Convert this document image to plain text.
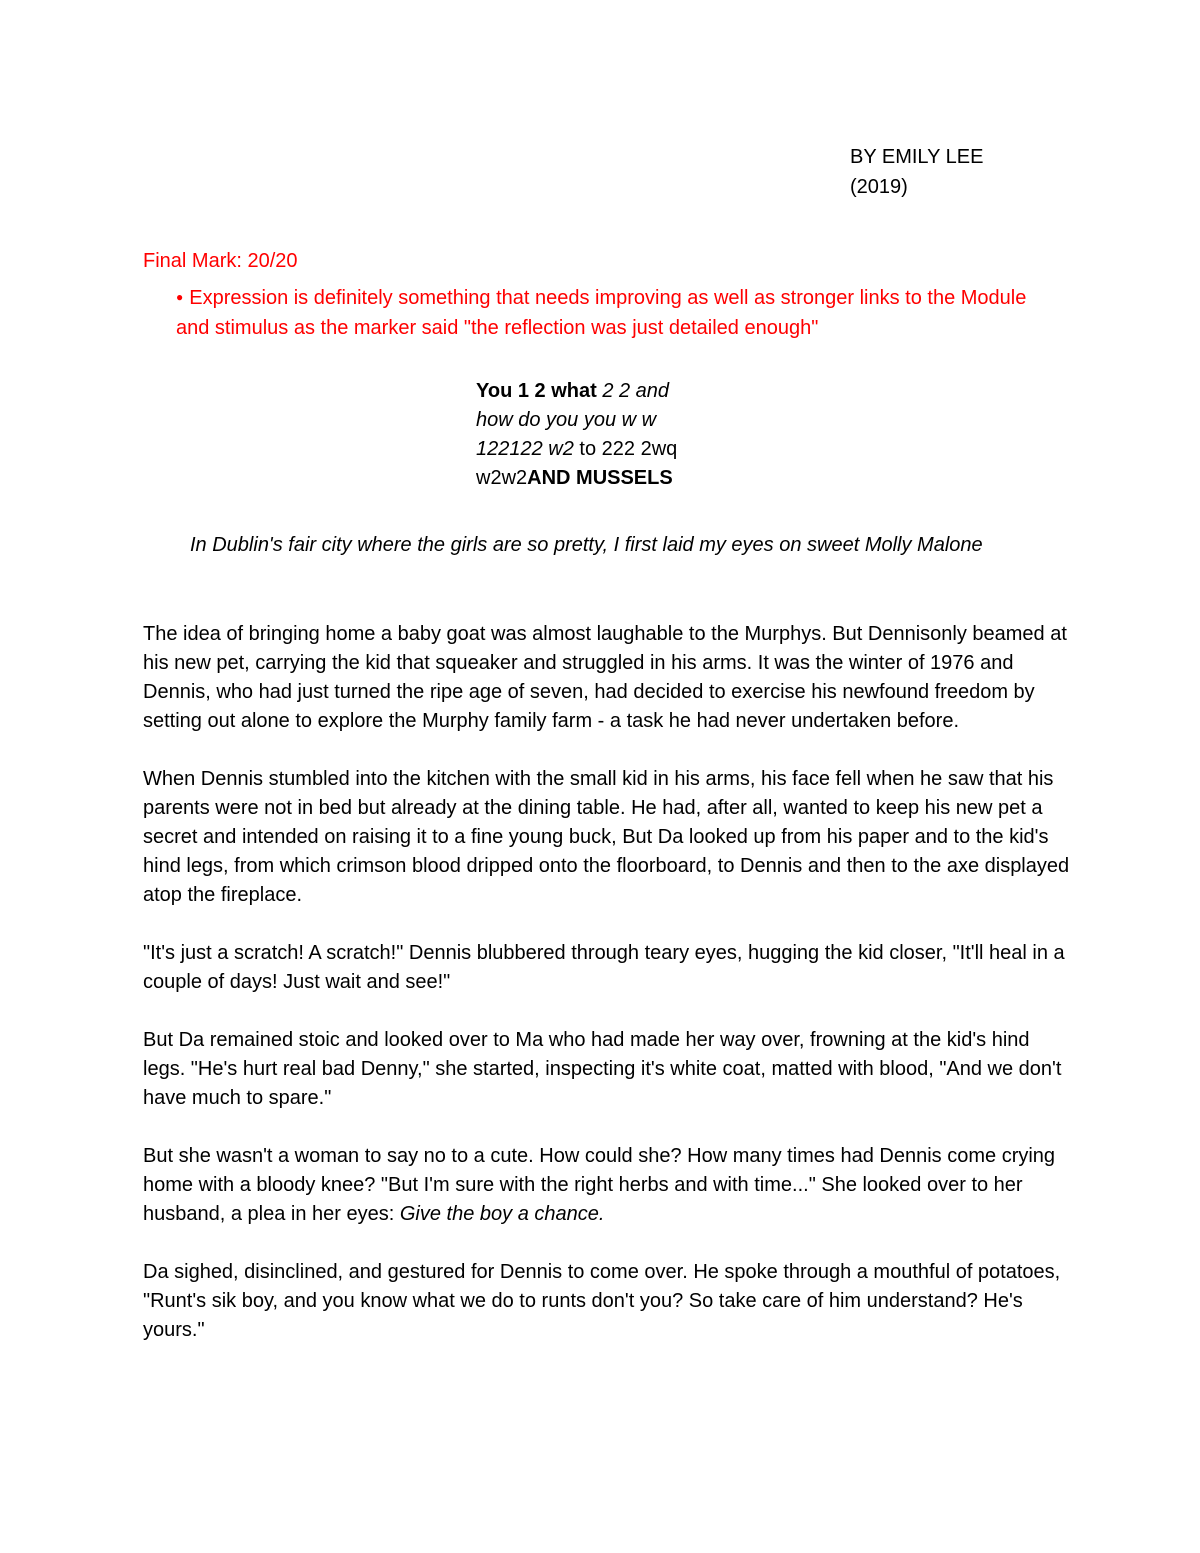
BY EMILY LEE
(2019)
Final Mark: 20/20
● Expression is definitely something that needs improving as well as stronger links to the Module and stimulus as the marker said "the reflection was just detailed enough"
You 1 2 what 2 2 and
how do you you w w
122122 w2 to 222 2wq
w2w2AND MUSSELS
In Dublin's fair city where the girls are so pretty, I first laid my eyes on sweet Molly Malone

The idea of bringing home a baby goat was almost laughable to the Murphys. But Dennisonly beamed at his new pet, carrying the kid that squeaker and struggled in his arms. It was the winter of 1976 and Dennis, who had just turned the ripe age of seven, had decided to exercise his newfound freedom by setting out alone to explore the Murphy family farm - a task he had never undertaken before.

When Dennis stumbled into the kitchen with the small kid in his arms, his face fell when he saw that his parents were not in bed but already at the dining table. He had, after all, wanted to keep his new pet a secret and intended on raising it to a fine young buck, But Da looked up from his paper and to the kid's hind legs, from which crimson blood dripped onto the floorboard, to Dennis and then to the axe displayed atop the fireplace.

"It's just a scratch! A scratch!" Dennis blubbered through teary eyes, hugging the kid closer, "It'll heal in a couple of days! Just wait and see!"

But Da remained stoic and looked over to Ma who had made her way over, frowning at the kid's hind legs. "He's hurt real bad Denny," she started, inspecting it's white coat, matted with blood, "And we don't have much to spare."

But she wasn't a woman to say no to a cute. How could she? How many times had Dennis come crying home with a bloody knee? "But I'm sure with the right herbs and with time..." She looked over to her husband, a plea in her eyes: Give the boy a chance.

Da sighed, disinclined, and gestured for Dennis to come over. He spoke through a mouthful of potatoes, "Runt's sik boy, and you know what we do to runts don't you? So take care of him understand? He's yours."
